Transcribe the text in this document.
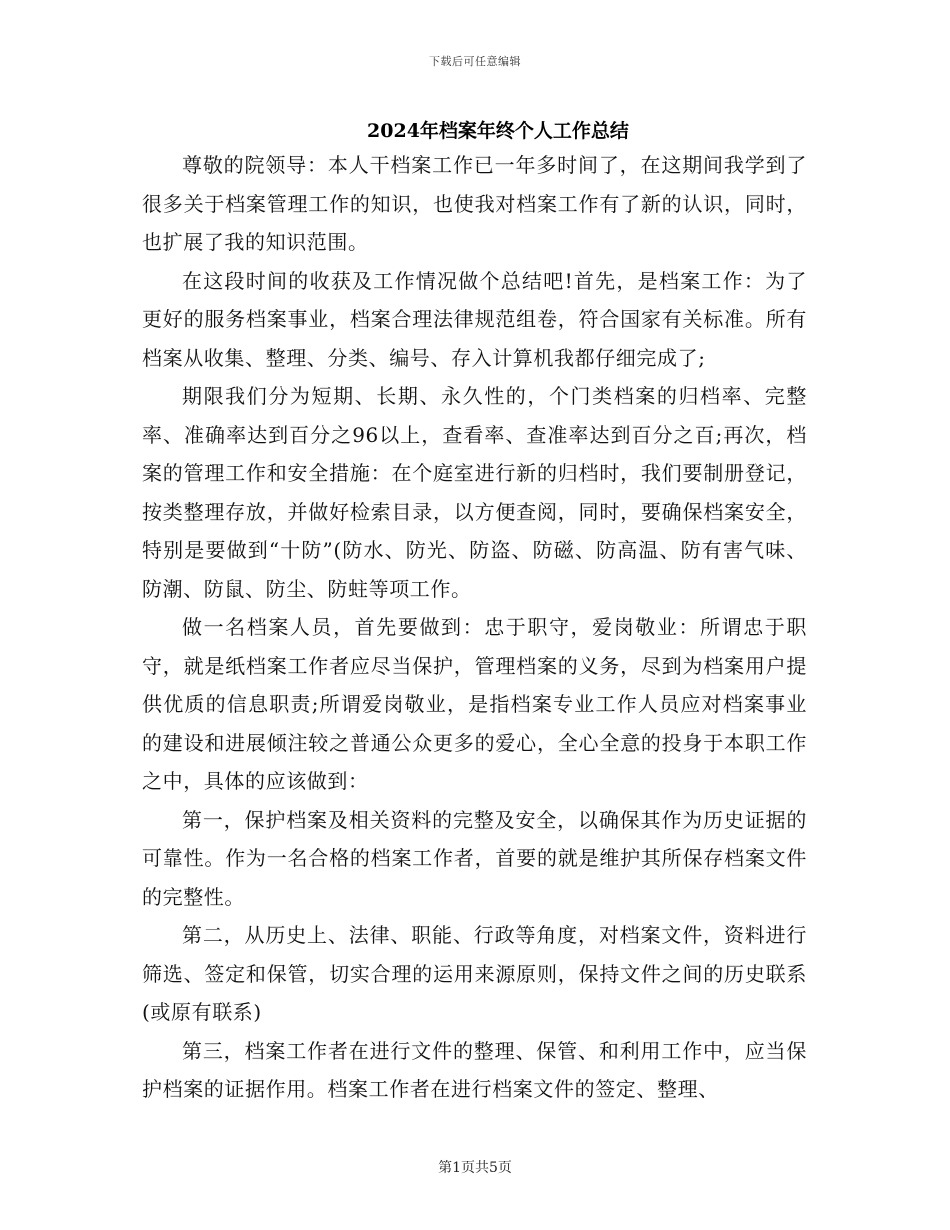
下载后可任意编辑
2024年档案年终个人工作总结

尊敬的院领导：本人干档案工作已一年多时间了，在这期间我学到了很多关于档案管理工作的知识，也使我对档案工作有了新的认识，同时，也扩展了我的知识范围。

在这段时间的收获及工作情况做个总结吧!首先，是档案工作：为了更好的服务档案事业，档案合理法律规范组卷，符合国家有关标准。所有档案从收集、整理、分类、编号、存入计算机我都仔细完成了;

期限我们分为短期、长期、永久性的，个门类档案的归档率、完整率、准确率达到百分之96以上，查看率、查准率达到百分之百;再次，档案的管理工作和安全措施：在个庭室进行新的归档时，我们要制册登记，按类整理存放，并做好检索目录，以方便查阅，同时，要确保档案安全，特别是要做到“十防”(防水、防光、防盗、防磁、防高温、防有害气味、防潮、防鼠、防尘、防蛀等项工作。

做一名档案人员，首先要做到：忠于职守，爱岗敬业：所谓忠于职守，就是纸档案工作者应尽当保护，管理档案的义务，尽到为档案用户提供优质的信息职责;所谓爱岗敬业，是指档案专业工作人员应对档案事业的建设和进展倾注较之普通公众更多的爱心，全心全意的投身于本职工作之中，具体的应该做到：

第一，保护档案及相关资料的完整及安全，以确保其作为历史证据的可靠性。作为一名合格的档案工作者，首要的就是维护其所保存档案文件的完整性。

第二，从历史上、法律、职能、行政等角度，对档案文件，资料进行筛选、签定和保管，切实合理的运用来源原则，保持文件之间的历史联系(或原有联系)

第三，档案工作者在进行文件的整理、保管、和利用工作中，应当保护档案的证据作用。档案工作者在进行档案文件的签定、整理、

第1页共5页
